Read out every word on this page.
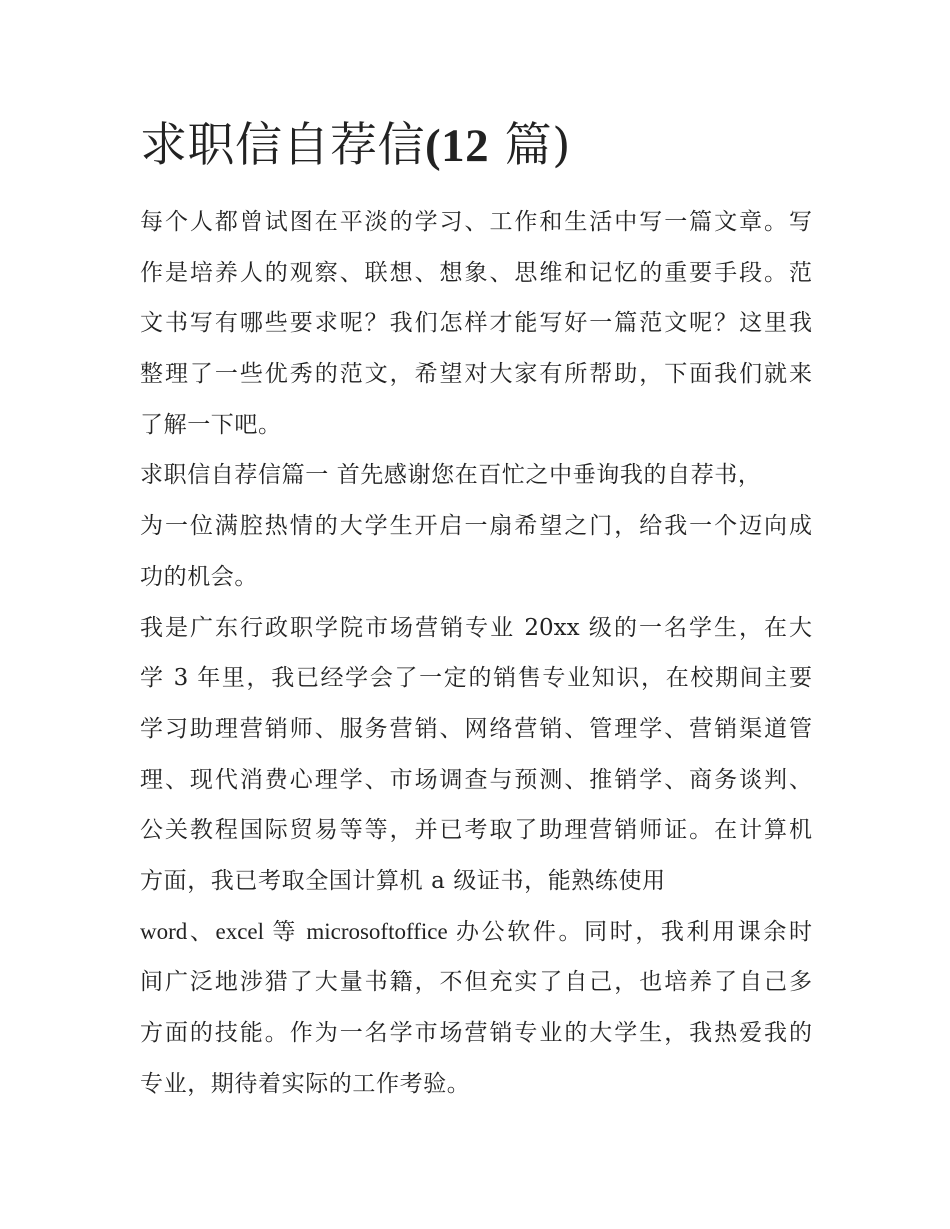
求职信自荐信(12 篇)
每个人都曾试图在平淡的学习、工作和生活中写一篇文章。写
作是培养人的观察、联想、想象、思维和记忆的重要手段。范
文书写有哪些要求呢？我们怎样才能写好一篇范文呢？这里我
整理了一些优秀的范文，希望对大家有所帮助，下面我们就来
了解一下吧。
求职信自荐信篇一 首先感谢您在百忙之中垂询我的自荐书，
为一位满腔热情的大学生开启一扇希望之门，给我一个迈向成
功的机会。
我是广东行政职学院市场营销专业 20xx 级的一名学生，在大
学 3 年里，我已经学会了一定的销售专业知识，在校期间主要
学习助理营销师、服务营销、网络营销、管理学、营销渠道管
理、现代消费心理学、市场调查与预测、推销学、商务谈判、
公关教程国际贸易等等，并已考取了助理营销师证。在计算机
方面，我已考取全国计算机 a 级证书，能熟练使用
word、excel 等 microsoftoffice 办公软件。同时，我利用课余时
间广泛地涉猎了大量书籍，不但充实了自己，也培养了自己多
方面的技能。作为一名学市场营销专业的大学生，我热爱我的
专业，期待着实际的工作考验。
